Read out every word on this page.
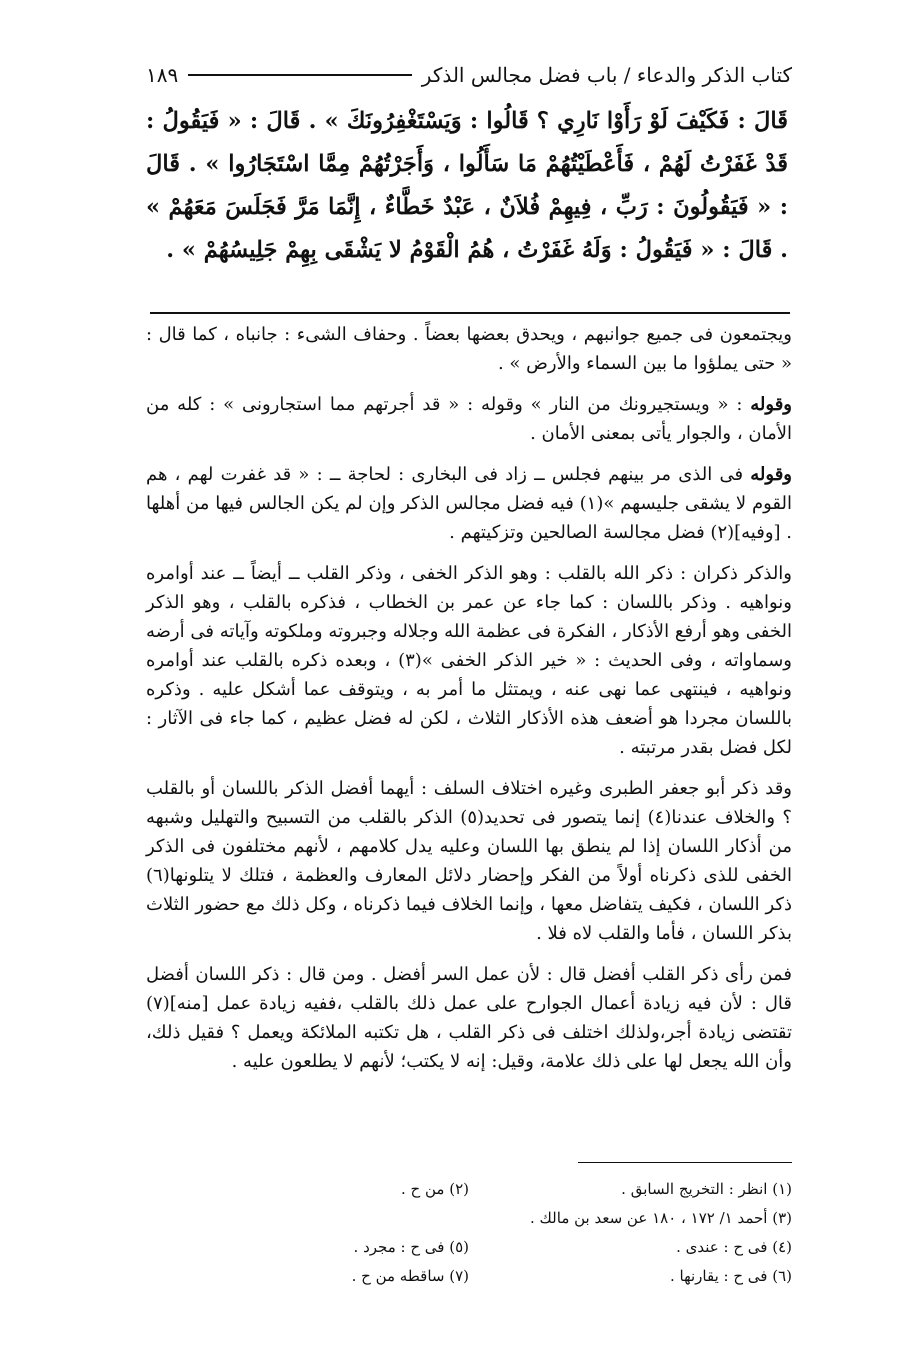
كتاب الذكر والدعاء / باب فضل مجالس الذكر
١٨٩
قَالَ : فَكَيْفَ لَوْ رَأَوْا نَارِي ؟ قَالُوا : وَيَسْتَغْفِرُونَكَ » . قَالَ : « فَيَقُولُ : قَدْ غَفَرْتُ لَهُمْ ، فَأَعْطَيْتُهُمْ مَا سَأَلُوا ، وَأَجَرْتُهُمْ مِمَّا اسْتَجَارُوا » . قَالَ : « فَيَقُولُونَ : رَبِّ ، فِيهِمْ فُلاَنٌ ، عَبْدٌ خَطَّاءٌ ، إِنَّمَا مَرَّ فَجَلَسَ مَعَهُمْ » . قَالَ : « فَيَقُولُ : وَلَهُ غَفَرْتُ ، هُمُ الْقَوْمُ لا يَشْقَى بِهِمْ جَلِيسُهُمْ » .

ويجتمعون فى جميع جوانبهم ، ويحدق بعضها بعضاً . وحفاف الشىء : جانباه ، كما قال : « حتى يملؤوا ما بين السماء والأرض » .

وقوله : « ويستجيرونك من النار » وقوله : « قد أجرتهم مما استجارونى » : كله من الأمان ، والجوار يأتى بمعنى الأمان .

وقوله فى الذى مر بينهم فجلس ــ زاد فى البخارى : لحاجة ــ : « قد غفرت لهم ، هم القوم لا يشقى جليسهم »(١) فيه فضل مجالس الذكر وإن لم يكن الجالس فيها من أهلها . [وفيه](٢) فضل مجالسة الصالحين وتزكيتهم .

والذكر ذكران : ذكر الله بالقلب : وهو الذكر الخفى ، وذكر القلب ــ أيضاً ــ عند أوامره ونواهيه . وذكر باللسان : كما جاء عن عمر بن الخطاب ، فذكره بالقلب ، وهو الذكر الخفى وهو أرفع الأذكار ، الفكرة فى عظمة الله وجلاله وجبروته وملكوته وآياته فى أرضه وسماواته ، وفى الحديث : « خير الذكر الخفى »(٣) ، وبعده ذكره بالقلب عند أوامره ونواهيه ، فينتهى عما نهى عنه ، ويمتثل ما أمر به ، ويتوقف عما أشكل عليه . وذكره باللسان مجردا هو أضعف هذه الأذكار الثلاث ، لكن له فضل عظيم ، كما جاء فى الآثار : لكل فضل بقدر مرتبته .

وقد ذكر أبو جعفر الطبرى وغيره اختلاف السلف : أيهما أفضل الذكر باللسان أو بالقلب ؟ والخلاف عندنا(٤) إنما يتصور فى تحديد(٥) الذكر بالقلب من التسبيح والتهليل وشبهه من أذكار اللسان إذا لم ينطق بها اللسان وعليه يدل كلامهم ، لأنهم مختلفون فى الذكر الخفى للذى ذكرناه أولاً من الفكر وإحضار دلائل المعارف والعظمة ، فتلك لا يتلونها(٦) ذكر اللسان ، فكيف يتفاضل معها ، وإنما الخلاف فيما ذكرناه ، وكل ذلك مع حضور الثلاث بذكر اللسان ، فأما والقلب لاه فلا .

فمن رأى ذكر القلب أفضل قال : لأن عمل السر أفضل . ومن قال : ذكر اللسان أفضل قال : لأن فيه زيادة أعمال الجوارح على عمل ذلك بالقلب ،ففيه زيادة عمل [منه](٧) تقتضى زيادة أجر،ولذلك اختلف فى ذكر القلب ، هل تكتبه الملائكة ويعمل ؟ فقيل ذلك، وأن الله يجعل لها على ذلك علامة، وقيل: إنه لا يكتب؛ لأنهم لا يطلعون عليه .

(١) انظر : التخريج السابق .
(٢) من ح .
(٣) أحمد ١/ ١٧٢ ، ١٨٠ عن سعد بن مالك .
(٤) فى ح : عندى .
(٥) فى ح : مجرد .
(٦) فى ح : يقارنها .
(٧) ساقطه من ح .
